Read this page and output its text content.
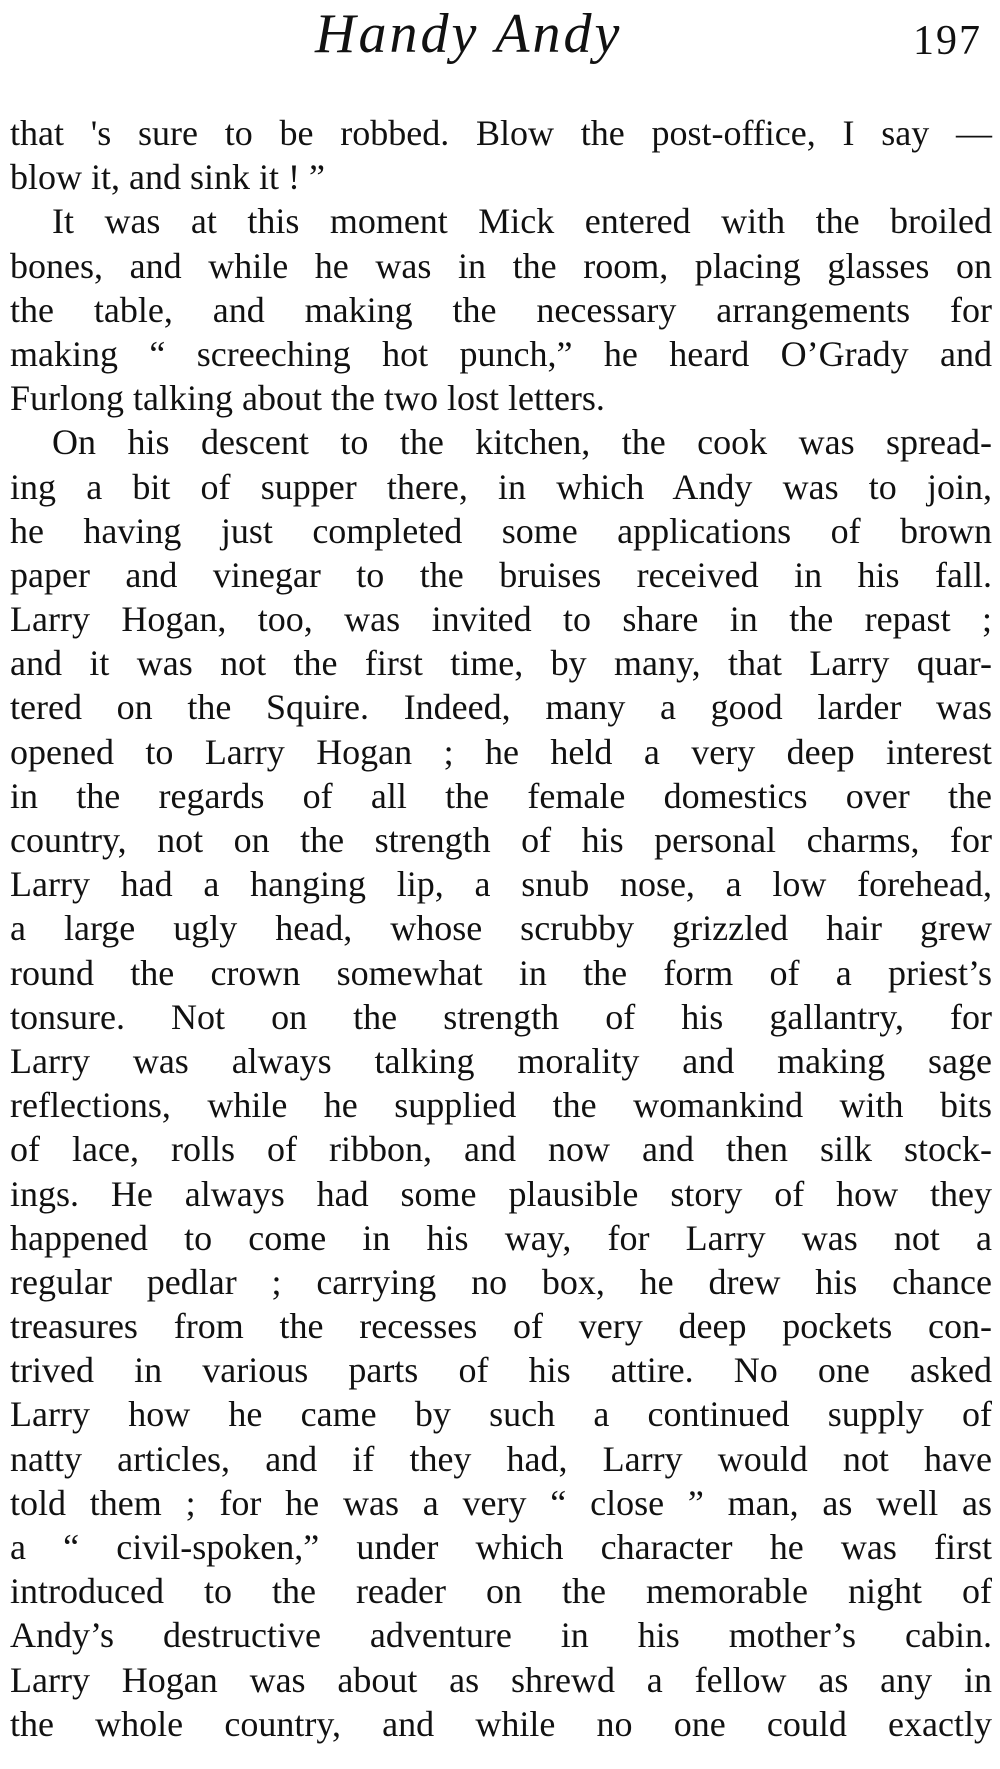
Handy Andy	197
that 's sure to be robbed. Blow the post-office, I say —
blow it, and sink it ! ”
It was at this moment Mick entered with the broiled
bones, and while he was in the room, placing glasses on
the table, and making the necessary arrangements for
making “ screeching hot punch,” he heard O’Grady and
Furlong talking about the two lost letters.
On his descent to the kitchen, the cook was spread-
ing a bit of supper there, in which Andy was to join,
he having just completed some applications of brown
paper and vinegar to the bruises received in his fall.
Larry Hogan, too, was invited to share in the repast ;
and it was not the first time, by many, that Larry quar-
tered on the Squire. Indeed, many a good larder was
opened to Larry Hogan ; he held a very deep interest
in the regards of all the female domestics over the
country, not on the strength of his personal charms, for
Larry had a hanging lip, a snub nose, a low forehead,
a large ugly head, whose scrubby grizzled hair grew
round the crown somewhat in the form of a priest’s
tonsure. Not on the strength of his gallantry, for
Larry was always talking morality and making sage
reflections, while he supplied the womankind with bits
of lace, rolls of ribbon, and now and then silk stock-
ings. He always had some plausible story of how they
happened to come in his way, for Larry was not a
regular pedlar ; carrying no box, he drew his chance
treasures from the recesses of very deep pockets con-
trived in various parts of his attire. No one asked
Larry how he came by such a continued supply of
natty articles, and if they had, Larry would not have
told them ; for he was a very “ close ” man, as well as
a “ civil-spoken,” under which character he was first
introduced to the reader on the memorable night of
Andy’s destructive adventure in his mother’s cabin.
Larry Hogan was about as shrewd a fellow as any in
the whole country, and while no one could exactly
